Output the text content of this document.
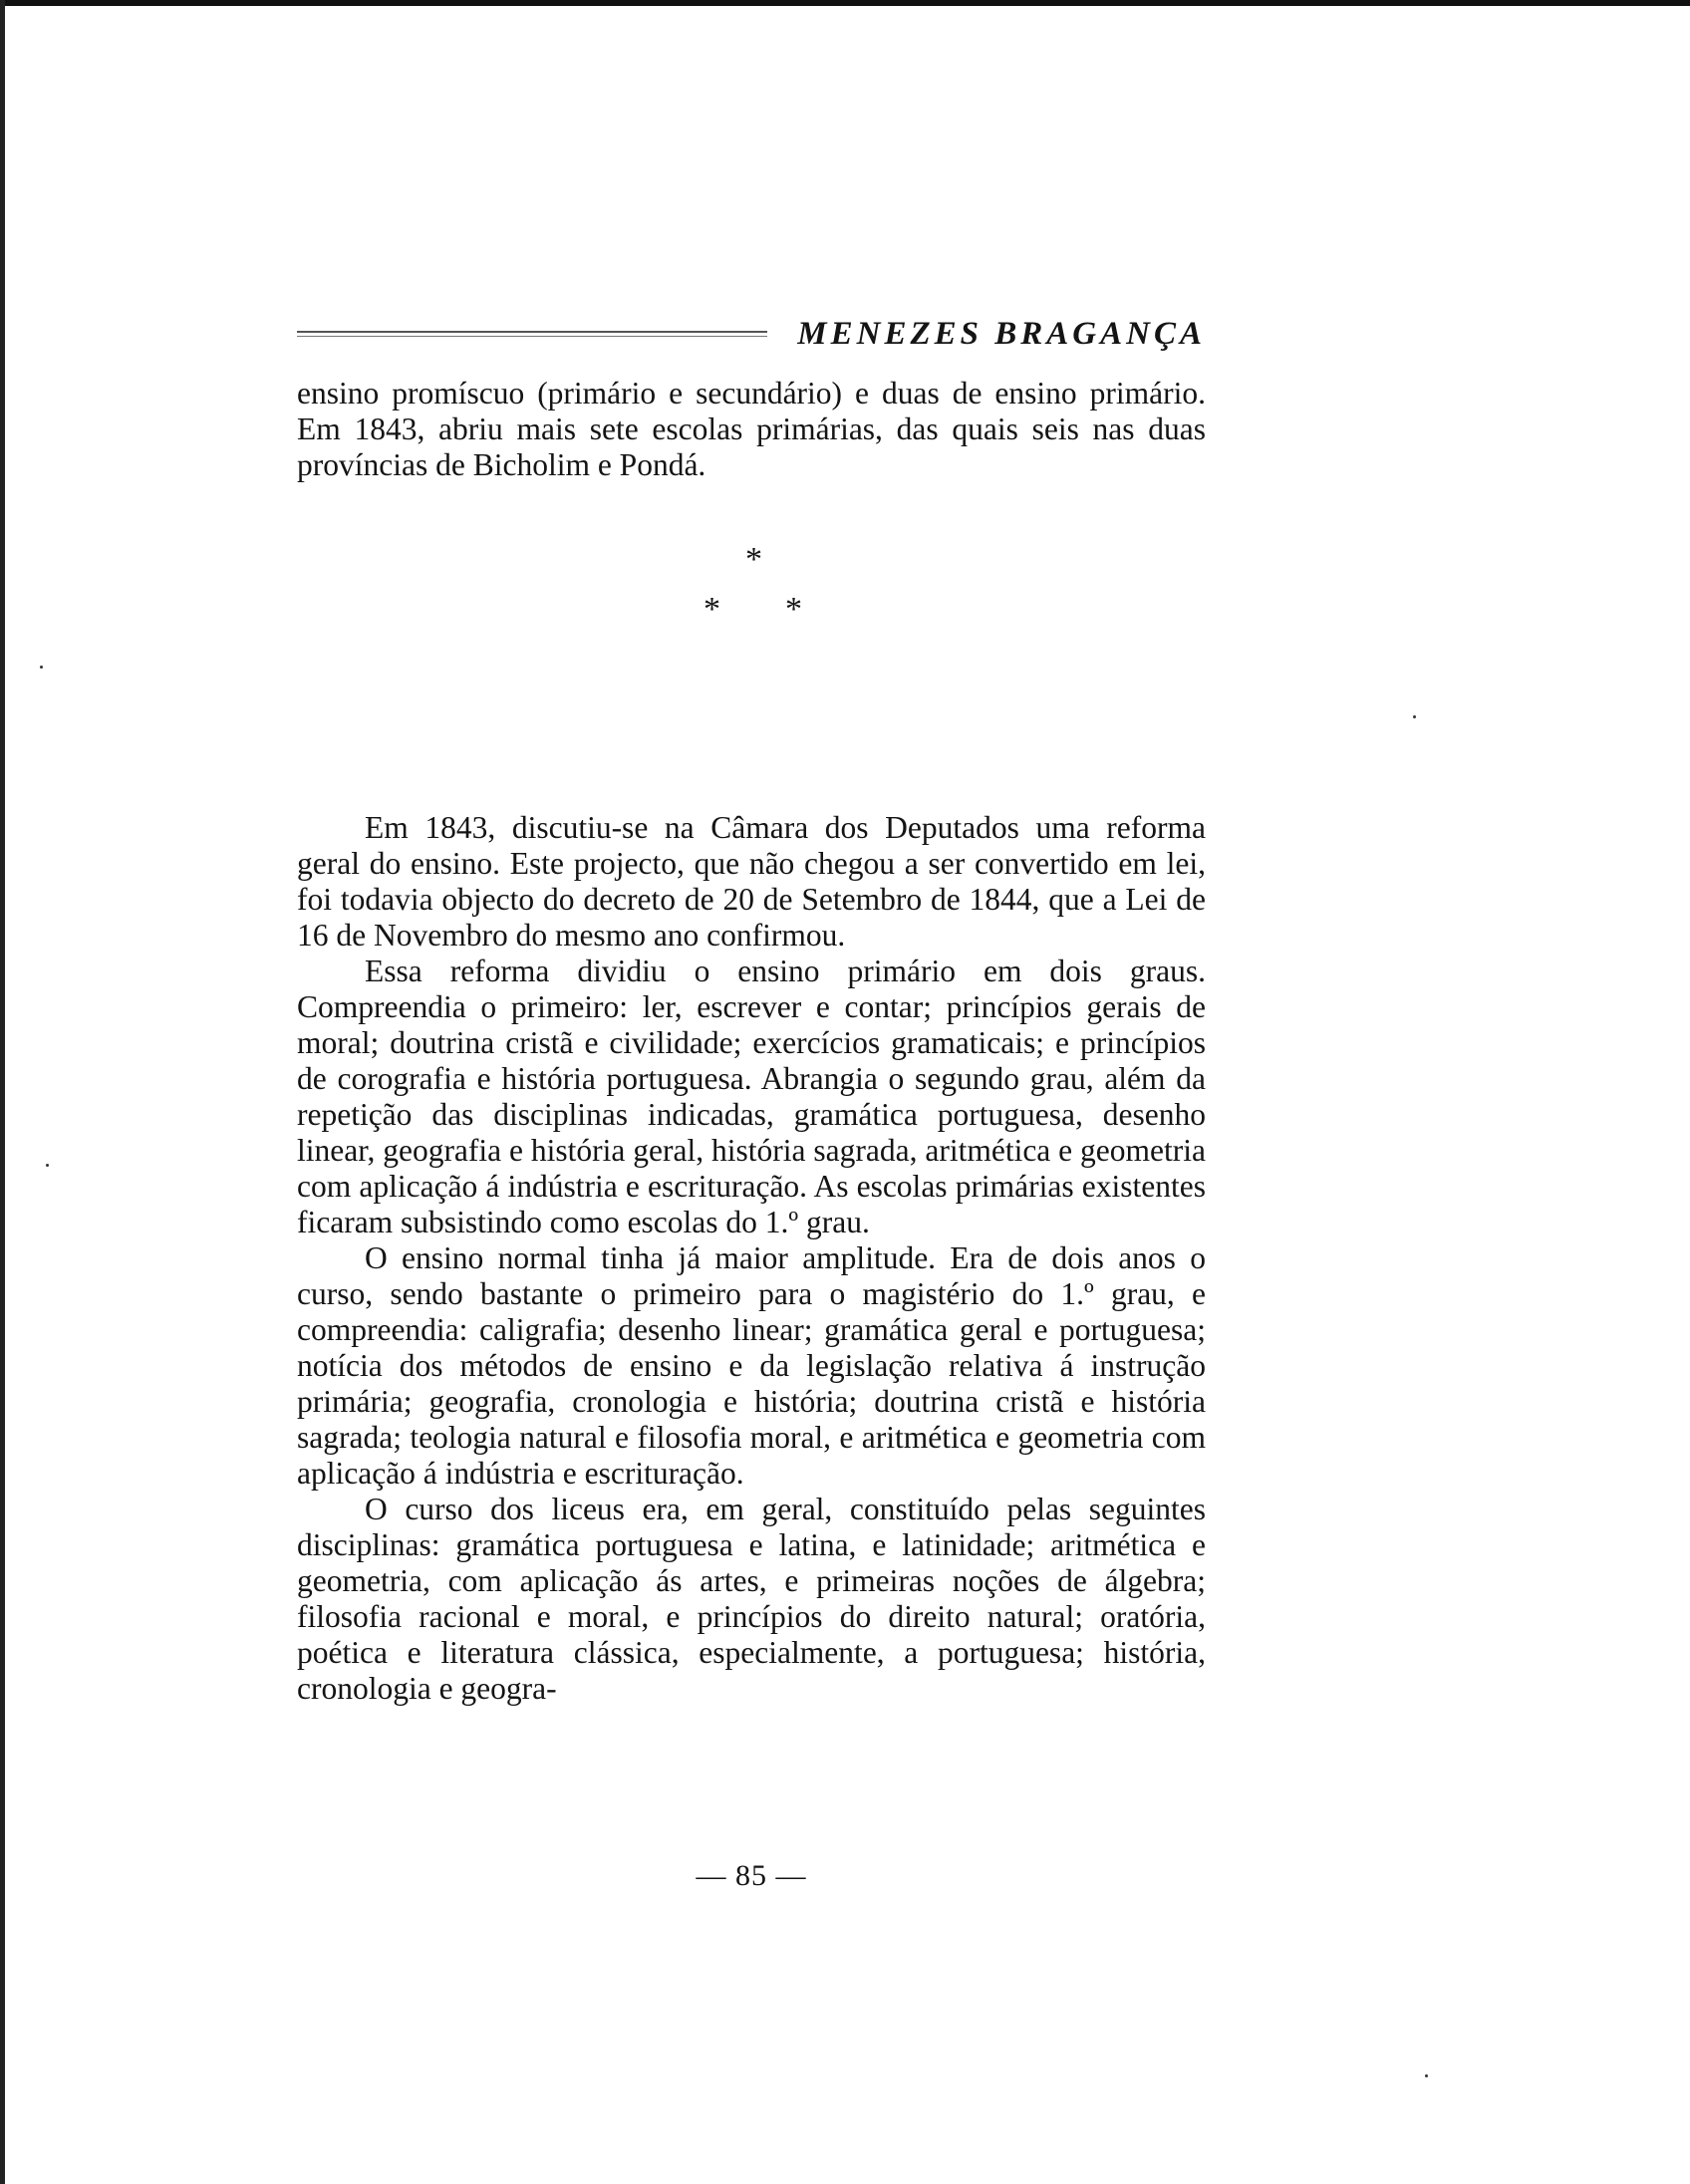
MENEZES BRAGANÇA

ensino promíscuo (primário e secundário) e duas de ensino primário. Em 1843, abriu mais sete escolas primárias, das quais seis nas duas províncias de Bicholim e Pondá.

*
* *

Em 1843, discutiu-se na Câmara dos Deputados uma reforma geral do ensino. Este projecto, que não chegou a ser convertido em lei, foi todavia objecto do decreto de 20 de Setembro de 1844, que a Lei de 16 de Novembro do mesmo ano confirmou.

Essa reforma dividiu o ensino primário em dois graus. Compreendia o primeiro: ler, escrever e contar; princípios gerais de moral; doutrina cristã e civilidade; exercícios gramaticais; e princípios de corografia e história portuguesa. Abrangia o segundo grau, além da repetição das disciplinas indicadas, gramática portuguesa, desenho linear, geografia e história geral, história sagrada, aritmética e geometria com aplicação á indústria e escrituração. As escolas primárias existentes ficaram subsistindo como escolas do 1.º grau.

O ensino normal tinha já maior amplitude. Era de dois anos o curso, sendo bastante o primeiro para o magistério do 1.º grau, e compreendia: caligrafia; desenho linear; gramática geral e portuguesa; notícia dos métodos de ensino e da legislação relativa á instrução primária; geografia, cronologia e história; doutrina cristã e história sagrada; teologia natural e filosofia moral, e aritmética e geometria com aplicação á indústria e escrituração.

O curso dos liceus era, em geral, constituído pelas seguintes disciplinas: gramática portuguesa e latina, e latinidade; aritmética e geometria, com aplicação ás artes, e primeiras noções de álgebra; filosofia racional e moral, e princípios do direito natural; oratória, poética e literatura clássica, especialmente, a portuguesa; história, cronologia e geogra-

— 85 —
